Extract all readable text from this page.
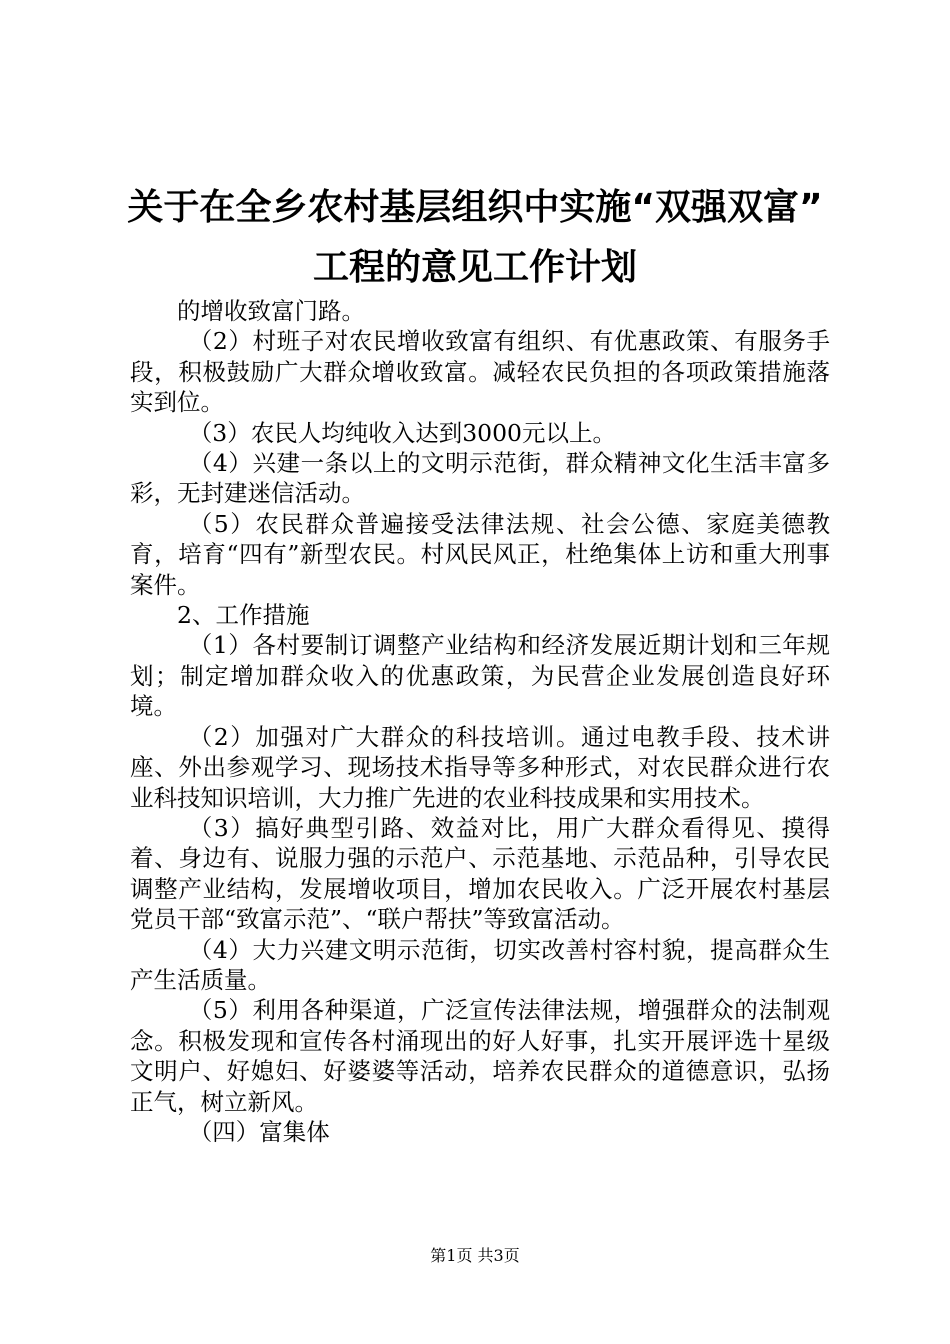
关于在全乡农村基层组织中实施“双强双富”
工程的意见工作计划

的增收致富门路。

（2）村班子对农民增收致富有组织、有优惠政策、有服务手段，积极鼓励广大群众增收致富。减轻农民负担的各项政策措施落实到位。

（3）农民人均纯收入达到3000元以上。

（4）兴建一条以上的文明示范街，群众精神文化生活丰富多彩，无封建迷信活动。

（5）农民群众普遍接受法律法规、社会公德、家庭美德教育，培育“四有”新型农民。村风民风正，杜绝集体上访和重大刑事案件。

2、工作措施

（1）各村要制订调整产业结构和经济发展近期计划和三年规划；制定增加群众收入的优惠政策，为民营企业发展创造良好环境。

（2）加强对广大群众的科技培训。通过电教手段、技术讲座、外出参观学习、现场技术指导等多种形式，对农民群众进行农业科技知识培训，大力推广先进的农业科技成果和实用技术。

（3）搞好典型引路、效益对比，用广大群众看得见、摸得着、身边有、说服力强的示范户、示范基地、示范品种，引导农民调整产业结构，发展增收项目，增加农民收入。广泛开展农村基层党员干部“致富示范”、“联户帮扶”等致富活动。

（4）大力兴建文明示范街，切实改善村容村貌，提高群众生产生活质量。

（5）利用各种渠道，广泛宣传法律法规，增强群众的法制观念。积极发现和宣传各村涌现出的好人好事，扎实开展评选十星级文明户、好媳妇、好婆婆等活动，培养农民群众的道德意识，弘扬正气，树立新风。

（四）富集体

第1页 共3页
